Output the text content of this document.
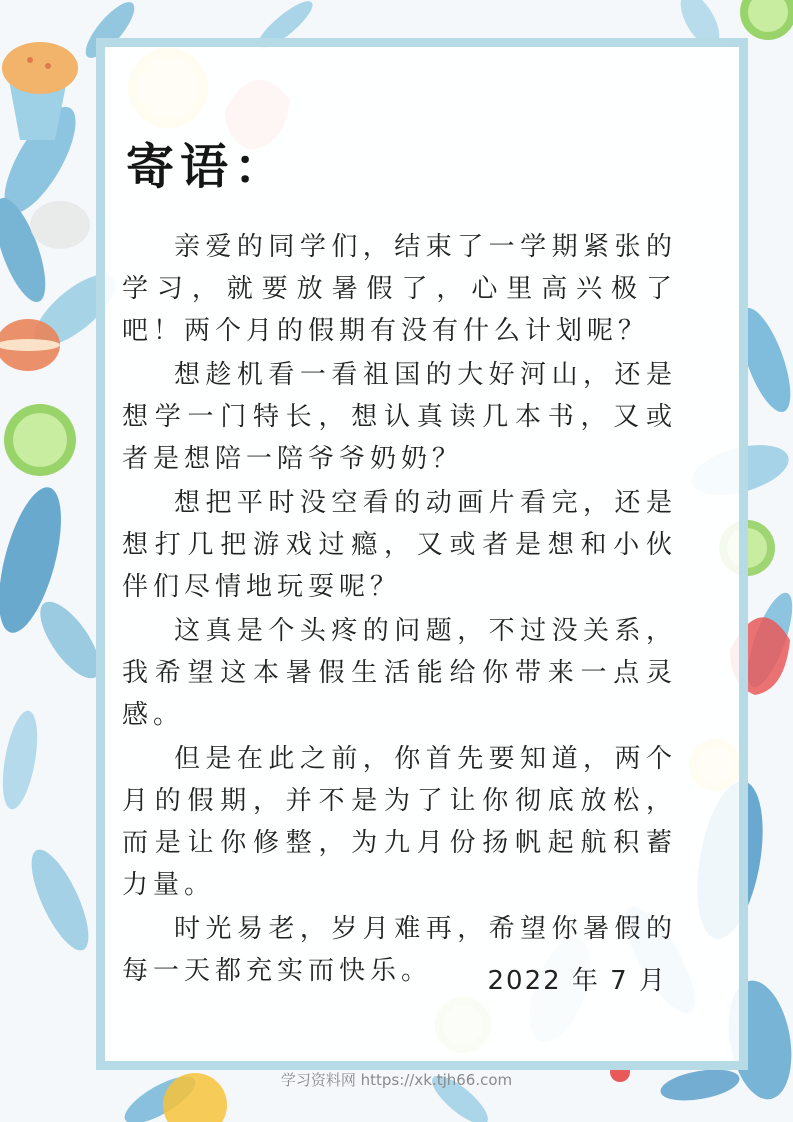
寄语：

亲爱的同学们，结束了一学期紧张的学习，就要放暑假了，心里高兴极了吧！两个月的假期有没有什么计划呢？

想趁机看一看祖国的大好河山，还是想学一门特长，想认真读几本书，又或者是想陪一陪爷爷奶奶？

想把平时没空看的动画片看完，还是想打几把游戏过瘾，又或者是想和小伙伴们尽情地玩耍呢？

这真是个头疼的问题，不过没关系，我希望这本暑假生活能给你带来一点灵感。

但是在此之前，你首先要知道，两个月的假期，并不是为了让你彻底放松，而是让你修整，为九月份扬帆起航积蓄力量。

时光易老，岁月难再，希望你暑假的每一天都充实而快乐。	2022 年 7 月
学习资料网 https://xk.tjh66.com
